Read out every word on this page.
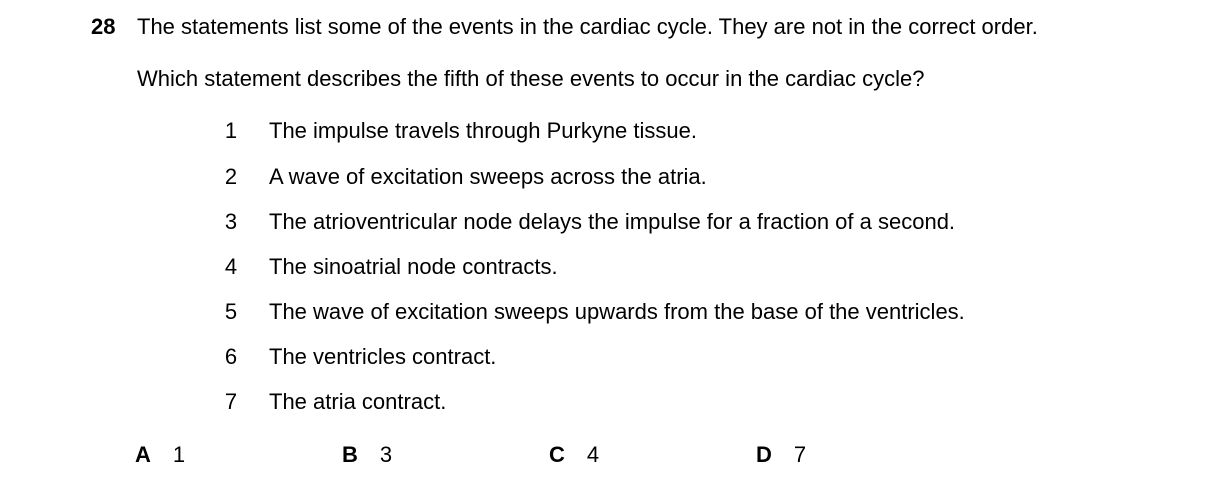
28 The statements list some of the events in the cardiac cycle. They are not in the correct order.
Which statement describes the fifth of these events to occur in the cardiac cycle?
1 The impulse travels through Purkyne tissue.
2 A wave of excitation sweeps across the atria.
3 The atrioventricular node delays the impulse for a fraction of a second.
4 The sinoatrial node contracts.
5 The wave of excitation sweeps upwards from the base of the ventricles.
6 The ventricles contract.
7 The atria contract.
A 1	B 3	C 4	D 7
